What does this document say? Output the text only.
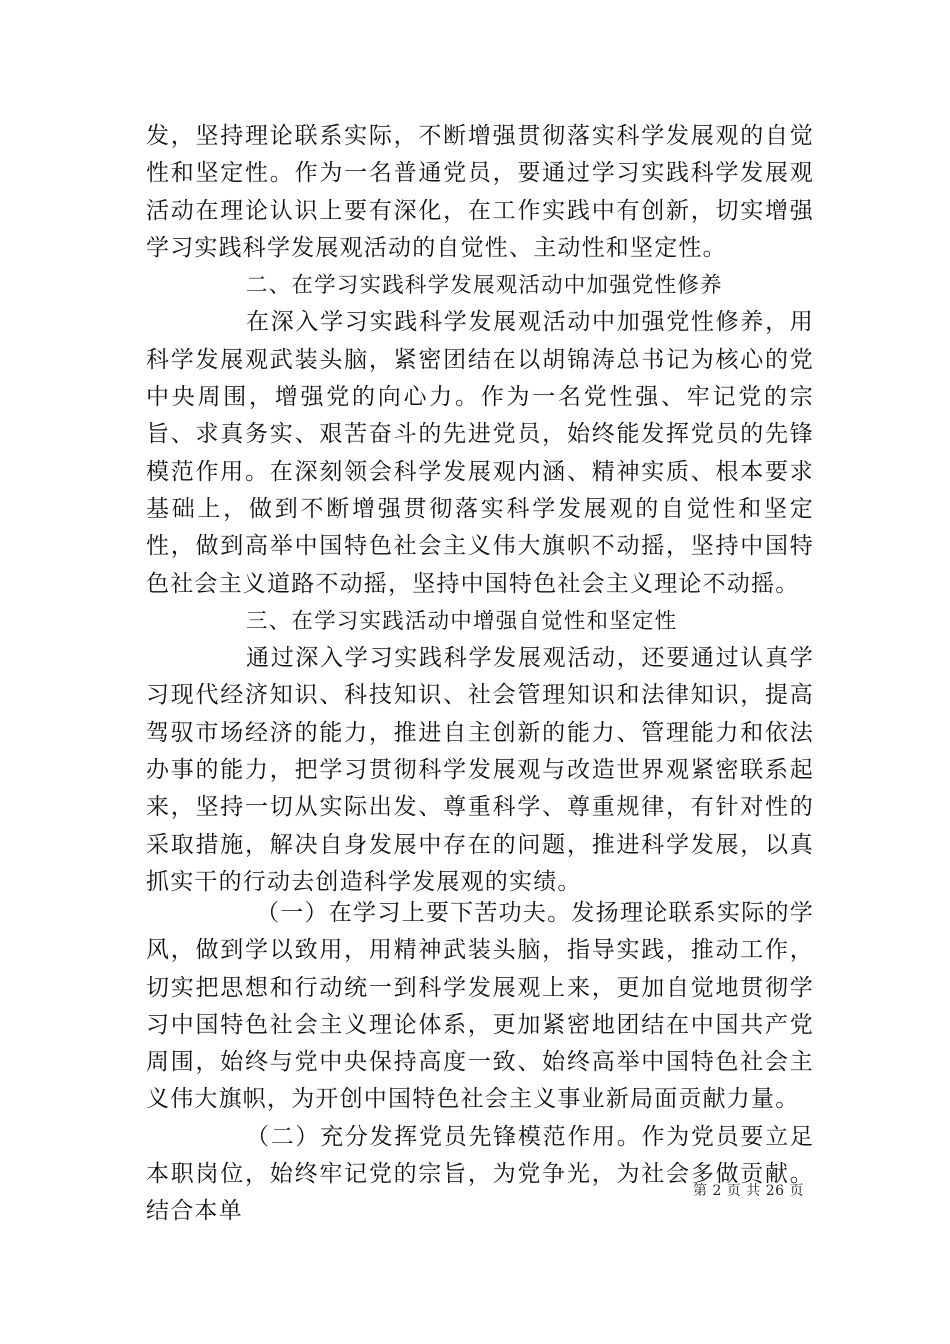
发，坚持理论联系实际，不断增强贯彻落实科学发展观的自觉性和坚定性。作为一名普通党员，要通过学习实践科学发展观活动在理论认识上要有深化，在工作实践中有创新，切实增强学习实践科学发展观活动的自觉性、主动性和坚定性。

二、在学习实践科学发展观活动中加强党性修养

在深入学习实践科学发展观活动中加强党性修养，用科学发展观武装头脑，紧密团结在以胡锦涛总书记为核心的党中央周围，增强党的向心力。作为一名党性强、牢记党的宗旨、求真务实、艰苦奋斗的先进党员，始终能发挥党员的先锋模范作用。在深刻领会科学发展观内涵、精神实质、根本要求基础上，做到不断增强贯彻落实科学发展观的自觉性和坚定性，做到高举中国特色社会主义伟大旗帜不动摇，坚持中国特色社会主义道路不动摇，坚持中国特色社会主义理论不动摇。

三、在学习实践活动中增强自觉性和坚定性

通过深入学习实践科学发展观活动，还要通过认真学习现代经济知识、科技知识、社会管理知识和法律知识，提高驾驭市场经济的能力，推进自主创新的能力、管理能力和依法办事的能力，把学习贯彻科学发展观与改造世界观紧密联系起来，坚持一切从实际出发、尊重科学、尊重规律，有针对性的采取措施，解决自身发展中存在的问题，推进科学发展，以真抓实干的行动去创造科学发展观的实绩。

（一）在学习上要下苦功夫。发扬理论联系实际的学风，做到学以致用，用精神武装头脑，指导实践，推动工作，切实把思想和行动统一到科学发展观上来，更加自觉地贯彻学习中国特色社会主义理论体系，更加紧密地团结在中国共产党周围，始终与党中央保持高度一致、始终高举中国特色社会主义伟大旗帜，为开创中国特色社会主义事业新局面贡献力量。

（二）充分发挥党员先锋模范作用。作为党员要立足本职岗位，始终牢记党的宗旨，为党争光，为社会多做贡献。结合本单

第 2 页 共 26 页
